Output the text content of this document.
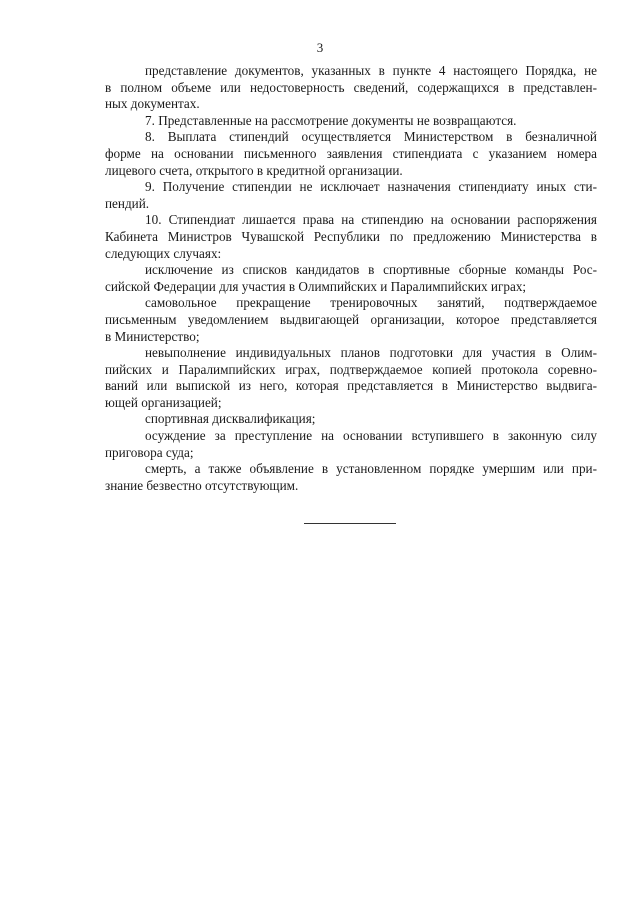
3
представление документов, указанных в пункте 4 настоящего Порядка, не
в полном объеме или недостоверность сведений, содержащихся в представлен-
ных документах.
7. Представленные на рассмотрение документы не возвращаются.
8. Выплата стипендий осуществляется Министерством в безналичной
форме на основании письменного заявления стипендиата с указанием номера
лицевого счета, открытого в кредитной организации.
9. Получение стипендии не исключает назначения стипендиату иных сти-
пендий.
10. Стипендиат лишается права на стипендию на основании распоряжения
Кабинета Министров Чувашской Республики по предложению Министерства в
следующих случаях:
исключение из списков кандидатов в спортивные сборные команды Рос-
сийской Федерации для участия в Олимпийских и Паралимпийских играх;
самовольное прекращение тренировочных занятий, подтверждаемое
письменным уведомлением выдвигающей организации, которое представляется
в Министерство;
невыполнение индивидуальных планов подготовки для участия в Олим-
пийских и Паралимпийских играх, подтверждаемое копией протокола соревно-
ваний или выпиской из него, которая представляется в Министерство выдвига-
ющей организацией;
спортивная дисквалификация;
осуждение за преступление на основании вступившего в законную силу
приговора суда;
смерть, а также объявление в установленном порядке умершим или при-
знание безвестно отсутствующим.
